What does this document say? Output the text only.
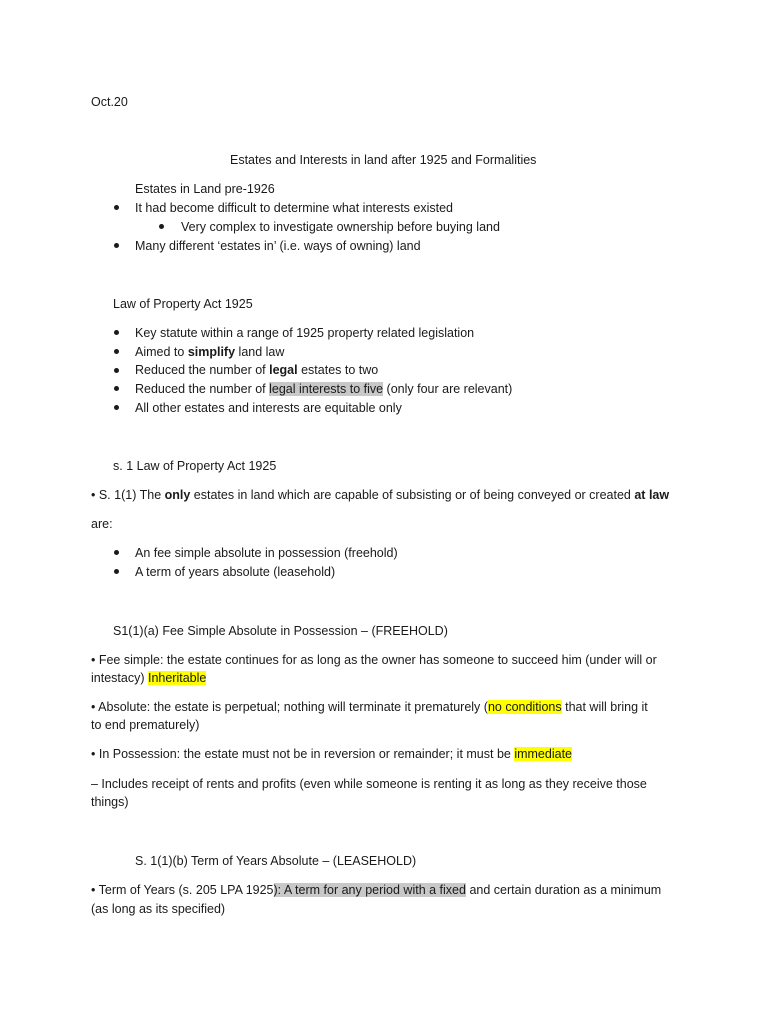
Oct.20
Estates and Interests in land after 1925 and Formalities
Estates in Land pre-1926
It had become difficult to determine what interests existed
Very complex to investigate ownership before buying land
Many different ‘estates in’ (i.e. ways of owning) land
Law of Property Act 1925
Key statute within a range of 1925 property related legislation
Aimed to simplify land law
Reduced the number of legal estates to two
Reduced the number of legal interests to five (only four are relevant)
All other estates and interests are equitable only
s. 1 Law of Property Act 1925
• S. 1(1) The only estates in land which are capable of subsisting or of being conveyed or created at law
are:
An fee simple absolute in possession (freehold)
A term of years absolute (leasehold)
S1(1)(a) Fee Simple Absolute in Possession – (FREEHOLD)
• Fee simple: the estate continues for as long as the owner has someone to succeed him (under will or
intestacy) Inheritable
• Absolute: the estate is perpetual; nothing will terminate it prematurely (no conditions that will bring it
to end prematurely)
• In Possession: the estate must not be in reversion or remainder; it must be immediate
– Includes receipt of rents and profits (even while someone is renting it as long as they receive those
things)
S. 1(1)(b) Term of Years Absolute – (LEASEHOLD)
• Term of Years (s. 205 LPA 1925): A term for any period with a fixed and certain duration as a minimum
(as long as its specified)
